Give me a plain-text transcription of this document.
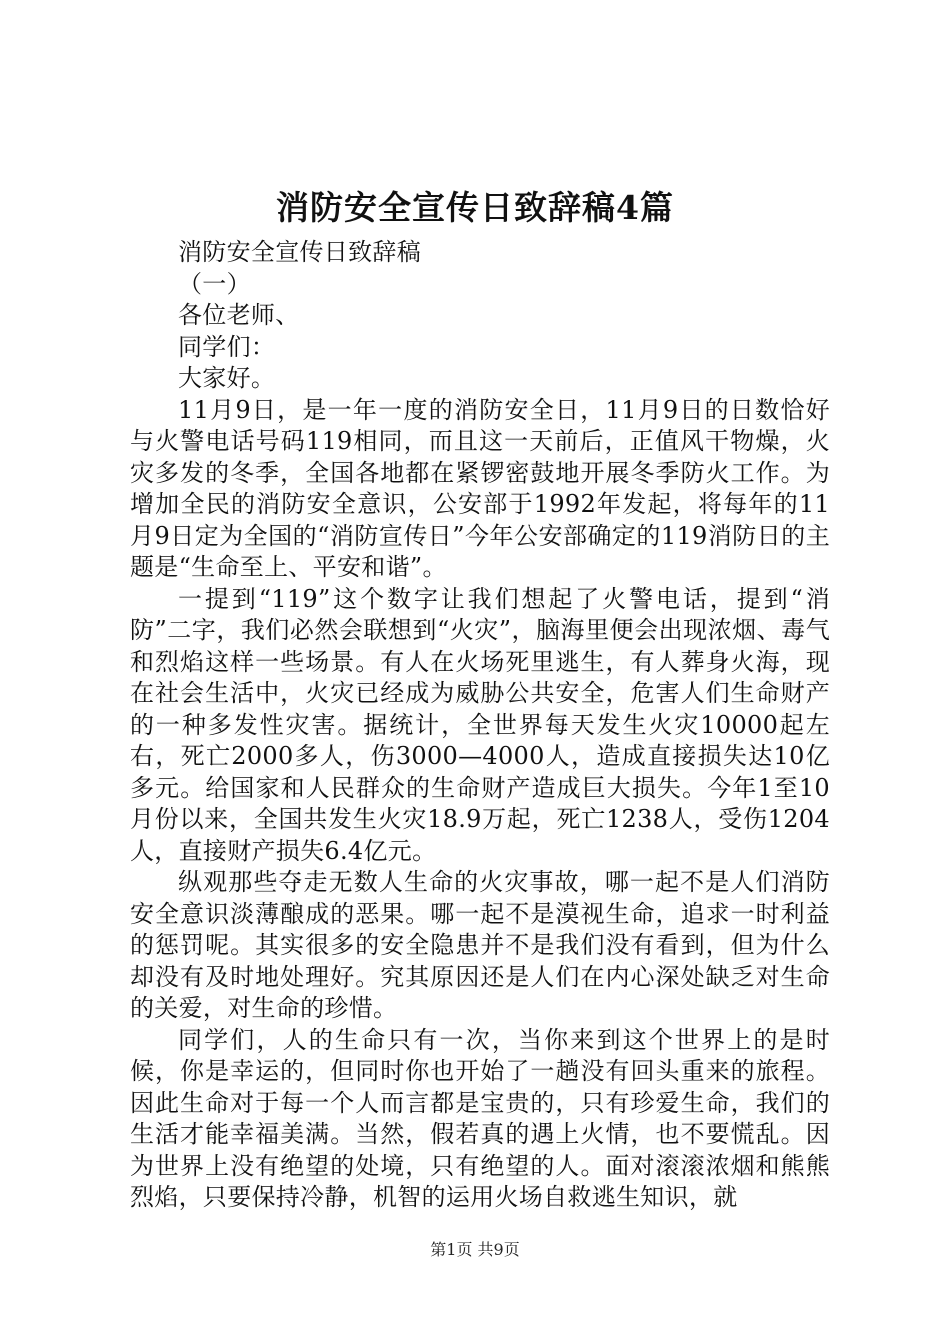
消防安全宣传日致辞稿4篇

消防安全宣传日致辞稿

（一）

各位老师、

同学们：

大家好。

11月9日，是一年一度的消防安全日，11月9日的日数恰好与火警电话号码119相同，而且这一天前后，正值风干物燥，火灾多发的冬季，全国各地都在紧锣密鼓地开展冬季防火工作。为增加全民的消防安全意识，公安部于1992年发起，将每年的11月9日定为全国的“消防宣传日”今年公安部确定的119消防日的主题是“生命至上、平安和谐”。

一提到“119”这个数字让我们想起了火警电话，提到“消防”二字，我们必然会联想到“火灾”，脑海里便会出现浓烟、毒气和烈焰这样一些场景。有人在火场死里逃生，有人葬身火海，现在社会生活中，火灾已经成为威胁公共安全，危害人们生命财产的一种多发性灾害。据统计，全世界每天发生火灾10000起左右，死亡2000多人，伤3000—4000人，造成直接损失达10亿多元。给国家和人民群众的生命财产造成巨大损失。今年1至10月份以来，全国共发生火灾18.9万起，死亡1238人，受伤1204人，直接财产损失6.4亿元。

纵观那些夺走无数人生命的火灾事故，哪一起不是人们消防安全意识淡薄酿成的恶果。哪一起不是漠视生命，追求一时利益的惩罚呢。其实很多的安全隐患并不是我们没有看到，但为什么却没有及时地处理好。究其原因还是人们在内心深处缺乏对生命的关爱，对生命的珍惜。

同学们，人的生命只有一次，当你来到这个世界上的是时候，你是幸运的，但同时你也开始了一趟没有回头重来的旅程。因此生命对于每一个人而言都是宝贵的，只有珍爱生命，我们的生活才能幸福美满。当然，假若真的遇上火情，也不要慌乱。因为世界上没有绝望的处境，只有绝望的人。面对滚滚浓烟和熊熊烈焰，只要保持冷静，机智的运用火场自救逃生知识，就

第1页 共9页
